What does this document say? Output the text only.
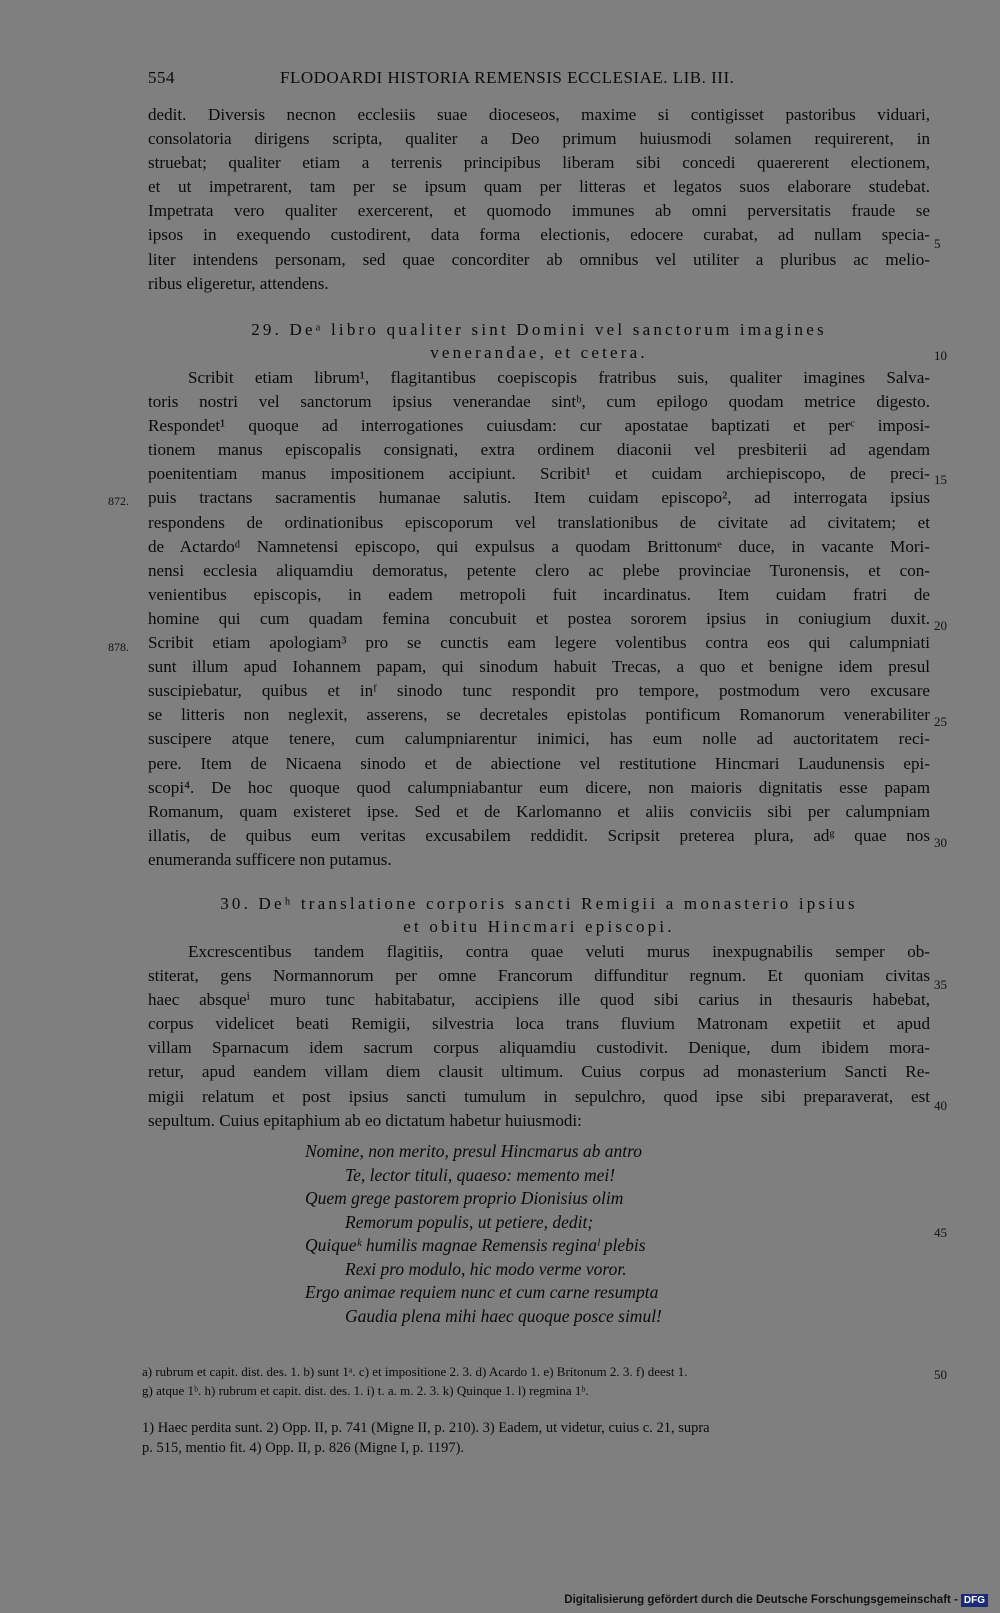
554	FLODOARDI HISTORIA REMENSIS ECCLESIAE. LIB. III.
dedit. Diversis necnon ecclesiis suae dioceseos, maxime si contigisset pastoribus viduari,
consolatoria dirigens scripta, qualiter a Deo primum huiusmodi solamen requirerent, in
struebat; qualiter etiam a terrenis principibus liberam sibi concedi quaererent electionem,
et ut impetrarent, tam per se ipsum quam per litteras et legatos suos elaborare studebat.
Impetrata vero qualiter exercerent, et quomodo immunes ab omni perversitatis fraude se
ipsos in exequendo custodirent, data forma electionis, edocere curabat, ad nullam specia-
liter intendens personam, sed quae concorditer ab omnibus vel utiliter a pluribus ac melio-
ribus eligeretur, attendens.
29. Deᵃ libro qualiter sint Domini vel sanctorum imagines
venerandae, et cetera.
Scribit etiam librum¹, flagitantibus coepiscopis fratribus suis, qualiter imagines Salva-
toris nostri vel sanctorum ipsius venerandae sintᵇ, cum epilogo quodam metrice digesto.
Respondet¹ quoque ad interrogationes cuiusdam: cur apostatae baptizati et perᶜ imposi-
tionem manus episcopalis consignati, extra ordinem diaconii vel presbiterii ad agendam
poenitentiam manus impositionem accipiunt. Scribit¹ et cuidam archiepiscopo, de preci-
puis tractans sacramentis humanae salutis. Item cuidam episcopo², ad interrogata ipsius
respondens de ordinationibus episcoporum vel translationibus de civitate ad civitatem; et
de Actardoᵈ Namnetensi episcopo, qui expulsus a quodam Brittonumᵉ duce, in vacante Mori-
nensi ecclesia aliquamdiu demoratus, petente clero ac plebe provinciae Turonensis, et con-
venientibus episcopis, in eadem metropoli fuit incardinatus. Item cuidam fratri de
homine qui cum quadam femina concubuit et postea sororem ipsius in coniugium duxit.
Scribit etiam apologiam³ pro se cunctis eam legere volentibus contra eos qui calumpniati
sunt illum apud Iohannem papam, qui sinodum habuit Trecas, a quo et benigne idem presul
suscipiebatur, quibus et inᶠ sinodo tunc respondit pro tempore, postmodum vero excusare
se litteris non neglexit, asserens, se decretales epistolas pontificum Romanorum venerabiliter
suscipere atque tenere, cum calumpniarentur inimici, has eum nolle ad auctoritatem reci-
pere. Item de Nicaena sinodo et de abiectione vel restitutione Hincmari Laudunensis epi-
scopi⁴. De hoc quoque quod calumpniabantur eum dicere, non maioris dignitatis esse papam
Romanum, quam existeret ipse. Sed et de Karlomanno et aliis conviciis sibi per calumpniam
illatis, de quibus eum veritas excusabilem reddidit. Scripsit preterea plura, adᵍ quae nos
enumeranda sufficere non putamus.
30. Deʰ translatione corporis sancti Remigii a monasterio ipsius
et obitu Hincmari episcopi.
Excrescentibus tandem flagitiis, contra quae veluti murus inexpugnabilis semper ob-
stiterat, gens Normannorum per omne Francorum diffunditur regnum. Et quoniam civitas
haec absqueⁱ muro tunc habitabatur, accipiens ille quod sibi carius in thesauris habebat,
corpus videlicet beati Remigii, silvestria loca trans fluvium Matronam expetiit et apud
villam Sparnacum idem sacrum corpus aliquamdiu custodivit. Denique, dum ibidem mora-
retur, apud eandem villam diem clausit ultimum. Cuius corpus ad monasterium Sancti Re-
migii relatum et post ipsius sancti tumulum in sepulchro, quod ipse sibi preparaverat, est
sepultum. Cuius epitaphium ab eo dictatum habetur huiusmodi:
Nomine, non merito, presul Hincmarus ab antro
Te, lector tituli, quaeso: memento mei!
Quem grege pastorem proprio Dionisius olim
Remorum populis, ut petiere, dedit;
Quiqueᵏ humilis magnae Remensis reginaˡ plebis
Rexi pro modulo, hic modo verme voror.
Ergo animae requiem nunc et cum carne resumpta
Gaudia plena mihi haec quoque posce simul!
5
10
15
20
25
30
35
40
45
50
872.
878.
a) rubrum et capit. dist. des. 1. b) sunt 1ᵃ. c) et impositione 2. 3. d) Acardo 1. e) Britonum 2. 3. f) deest 1.
g) atque 1ᵇ. h) rubrum et capit. dist. des. 1. i) t. a. m. 2. 3. k) Quinque 1. l) regmina 1ᵇ.
1) Haec perdita sunt. 2) Opp. II, p. 741 (Migne II, p. 210). 3) Eadem, ut videtur, cuius c. 21, supra
p. 515, mentio fit. 4) Opp. II, p. 826 (Migne I, p. 1197).
Digitalisierung gefördert durch die Deutsche Forschungsgemeinschaft - DFG
